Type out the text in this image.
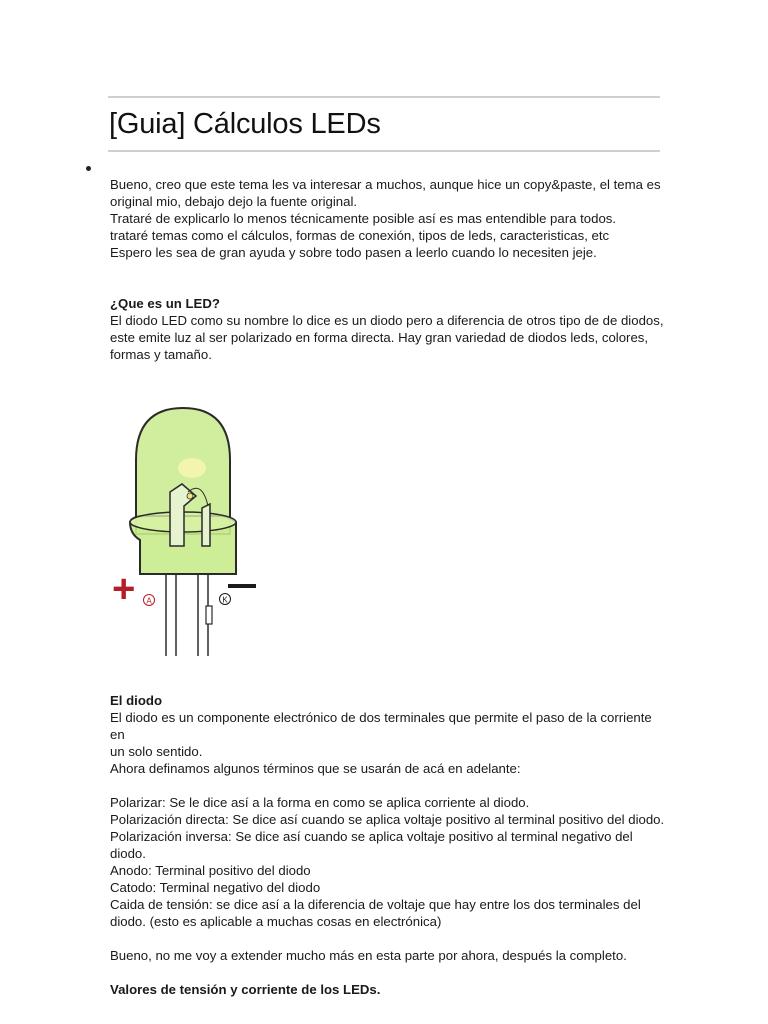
[Guia] Cálculos LEDs

Bueno, creo que este tema les va interesar a muchos, aunque hice un copy&paste, el tema es

original mio, debajo dejo la fuente original.

Trataré de explicarlo lo menos técnicamente posible así es mas entendible para todos.

trataré temas como el cálculos, formas de conexión, tipos de leds, caracteristicas, etc

Espero les sea de gran ayuda y sobre todo pasen a leerlo cuando lo necesiten jeje.

¿Que es un LED?

El diodo LED como su nombre lo dice es un diodo pero a diferencia de otros tipo de de diodos,

este emite luz al ser polarizado en forma directa. Hay gran variedad de diodos leds, colores,

formas y tamaño.

+ A	K

El diodo

El diodo es un componente electrónico de dos terminales que permite el paso de la corriente en

un solo sentido.

Ahora definamos algunos términos que se usarán de acá en adelante:

Polarizar: Se le dice así a la forma en como se aplica corriente al diodo.

Polarización directa: Se dice así cuando se aplica voltaje positivo al terminal positivo del diodo.

Polarización inversa: Se dice así cuando se aplica voltaje positivo al terminal negativo del

diodo.

Anodo: Terminal positivo del diodo

Catodo: Terminal negativo del diodo

Caida de tensión: se dice así a la diferencia de voltaje que hay entre los dos terminales del

diodo. (esto es aplicable a muchas cosas en electrónica)

Bueno, no me voy a extender mucho más en esta parte por ahora, después la completo.

Valores de tensión y corriente de los LEDs.
